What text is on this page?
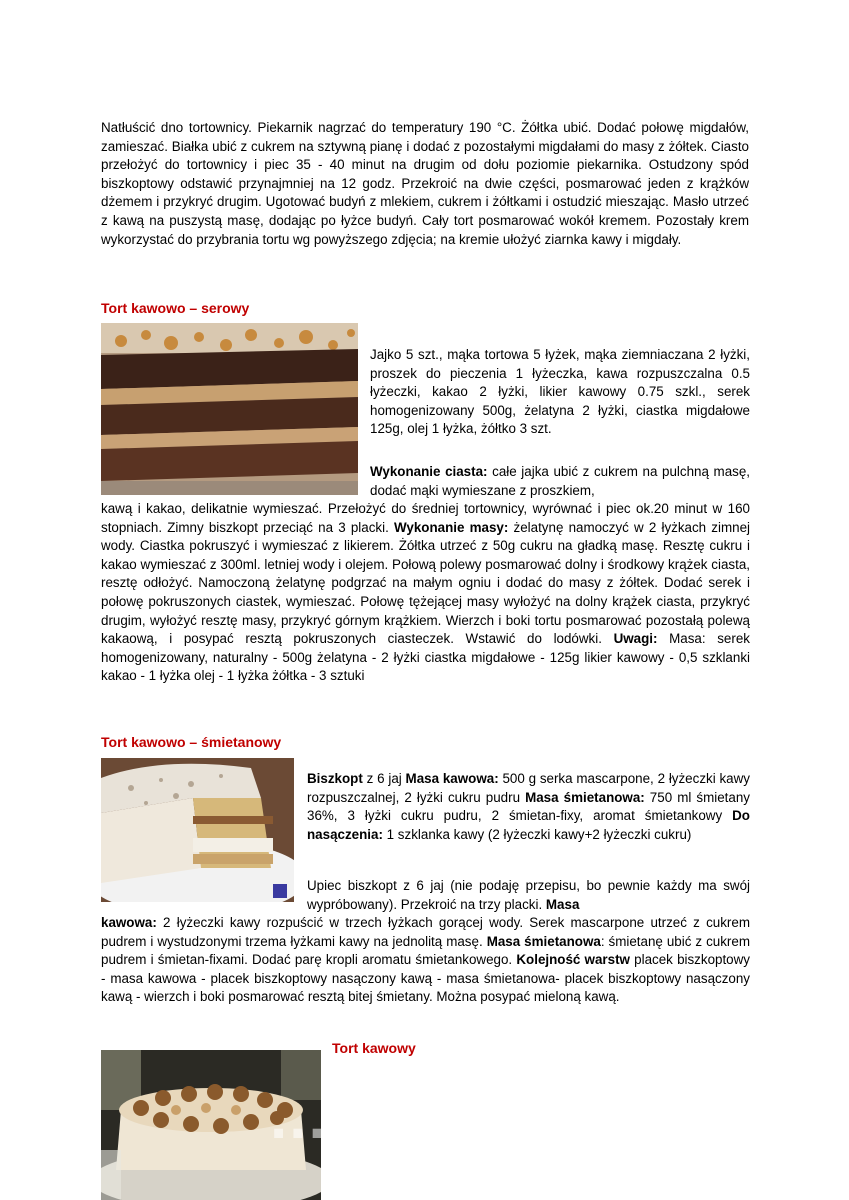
Natłuścić dno tortownicy. Piekarnik nagrzać do temperatury 190 °C. Żółtka ubić. Dodać połowę migdałów, zamieszać. Białka ubić z cukrem na sztywną pianę i dodać z pozostałymi migdałami do masy z żółtek. Ciasto przełożyć do tortownicy i piec 35 - 40 minut na drugim od dołu poziomie piekarnika. Ostudzony spód biszkoptowy odstawić przynajmniej na 12 godz. Przekroić na dwie części, posmarować jeden z krążków dżemem i przykryć drugim. Ugotować budyń z mlekiem, cukrem i żółtkami i ostudzić mieszając. Masło utrzeć z kawą na puszystą masę, dodając po łyżce budyń. Cały tort posmarować wokół kremem. Pozostały krem wykorzystać do przybrania tortu wg powyższego zdjęcia; na kremie ułożyć ziarnka kawy i migdały.
Tort kawowo – serowy
Jajko 5 szt., mąka tortowa 5 łyżek, mąka ziemniaczana 2 łyżki, proszek do pieczenia 1 łyżeczka, kawa rozpuszczalna 0.5 łyżeczki, kakao 2 łyżki, likier kawowy 0.75 szkl., serek homogenizowany 500g, żelatyna 2 łyżki, ciastka migdałowe 125g, olej 1 łyżka, żółtko 3 szt.
Wykonanie ciasta: całe jajka ubić z cukrem na pulchną masę, dodać mąki wymieszane z proszkiem,
kawą i kakao, delikatnie wymieszać. Przełożyć do średniej tortownicy, wyrównać i piec ok.20 minut w 160 stopniach. Zimny biszkopt przeciąć na 3 placki. Wykonanie masy: żelatynę namoczyć w 2 łyżkach zimnej wody. Ciastka pokruszyć i wymieszać z likierem. Żółtka utrzeć z 50g cukru na gładką masę. Resztę cukru i kakao wymieszać z 300ml. letniej wody i olejem. Połową polewy posmarować dolny i środkowy krążek ciasta, resztę odłożyć. Namoczoną żelatynę podgrzać na małym ogniu i dodać do masy z żółtek. Dodać serek i połowę pokruszonych ciastek, wymieszać. Połowę tężejącej masy wyłożyć na dolny krążek ciasta, przykryć drugim, wyłożyć resztę masy, przykryć górnym krążkiem. Wierzch i boki tortu posmarować pozostałą polewą kakaową, i posypać resztą pokruszonych ciasteczek. Wstawić do lodówki. Uwagi: Masa: serek homogenizowany, naturalny - 500g żelatyna - 2 łyżki ciastka migdałowe - 125g likier kawowy - 0,5 szklanki kakao - 1 łyżka olej - 1 łyżka żółtka - 3 sztuki
Tort kawowo – śmietanowy
Biszkopt z 6 jaj Masa kawowa: 500 g serka mascarpone, 2 łyżeczki kawy rozpuszczalnej, 2 łyżki cukru pudru Masa śmietanowa: 750 ml śmietany 36%, 3 łyżki cukru pudru, 2 śmietan-fixy, aromat śmietankowy Do nasączenia: 1 szklanka kawy (2 łyżeczki kawy+2 łyżeczki cukru)
Upiec biszkopt z 6 jaj (nie podaję przepisu, bo pewnie każdy ma swój wypróbowany). Przekroić na trzy placki. Masa
kawowa: 2 łyżeczki kawy rozpuścić w trzech łyżkach gorącej wody. Serek mascarpone utrzeć z cukrem pudrem i wystudzonymi trzema łyżkami kawy na jednolitą masę. Masa śmietanowa: śmietanę ubić z cukrem pudrem i śmietan-fixami. Dodać parę kropli aromatu śmietankowego. Kolejność warstw placek biszkoptowy - masa kawowa - placek biszkoptowy nasączony kawą - masa śmietanowa- placek biszkoptowy nasączony kawą - wierzch i boki posmarować resztą bitej śmietany. Można posypać mieloną kawą.
Tort kawowy
...nydomowe.pl
